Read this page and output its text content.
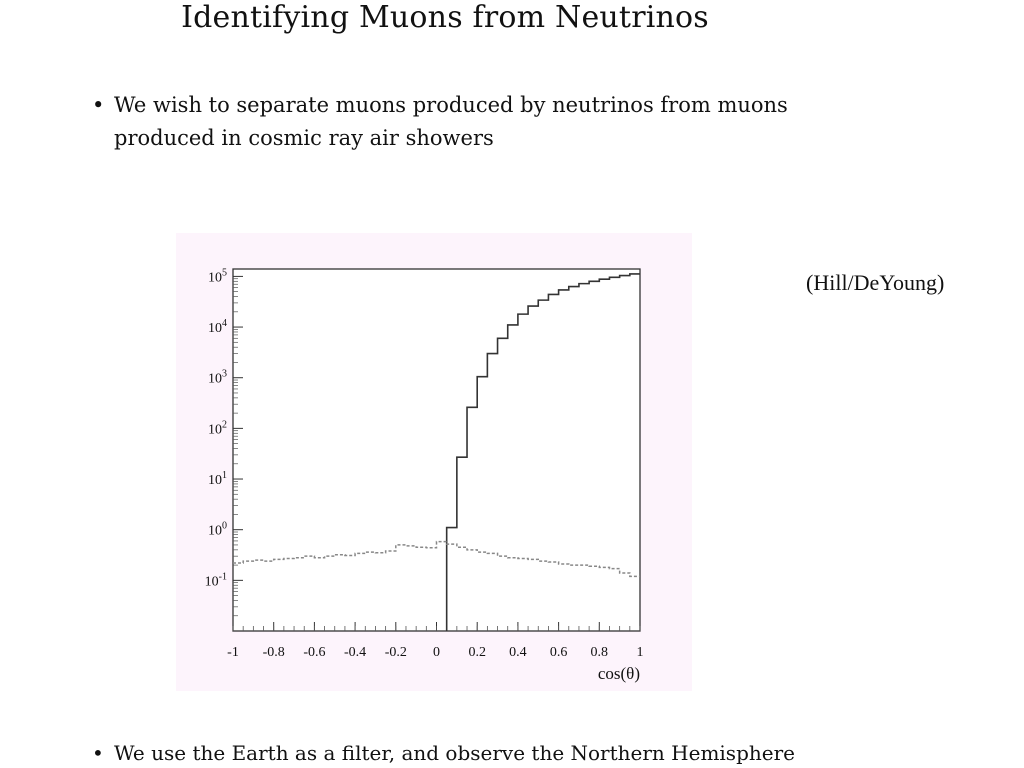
Identifying Muons from Neutrinos
• We wish to separate muons produced by neutrinos from muons produced in cosmic ray air showers
(Hill/DeYoung)
-1 -0.8 -0.6 -0.4 -0.2 0 0.2 0.4 0.6 0.8 1
$10^{-1}$
$10^0$
$10^1$
$10^2$
$10^3$
$10^4$
$10^5$
cos(θ)
• We use the Earth as a filter, and observe the Northern Hemisphere
